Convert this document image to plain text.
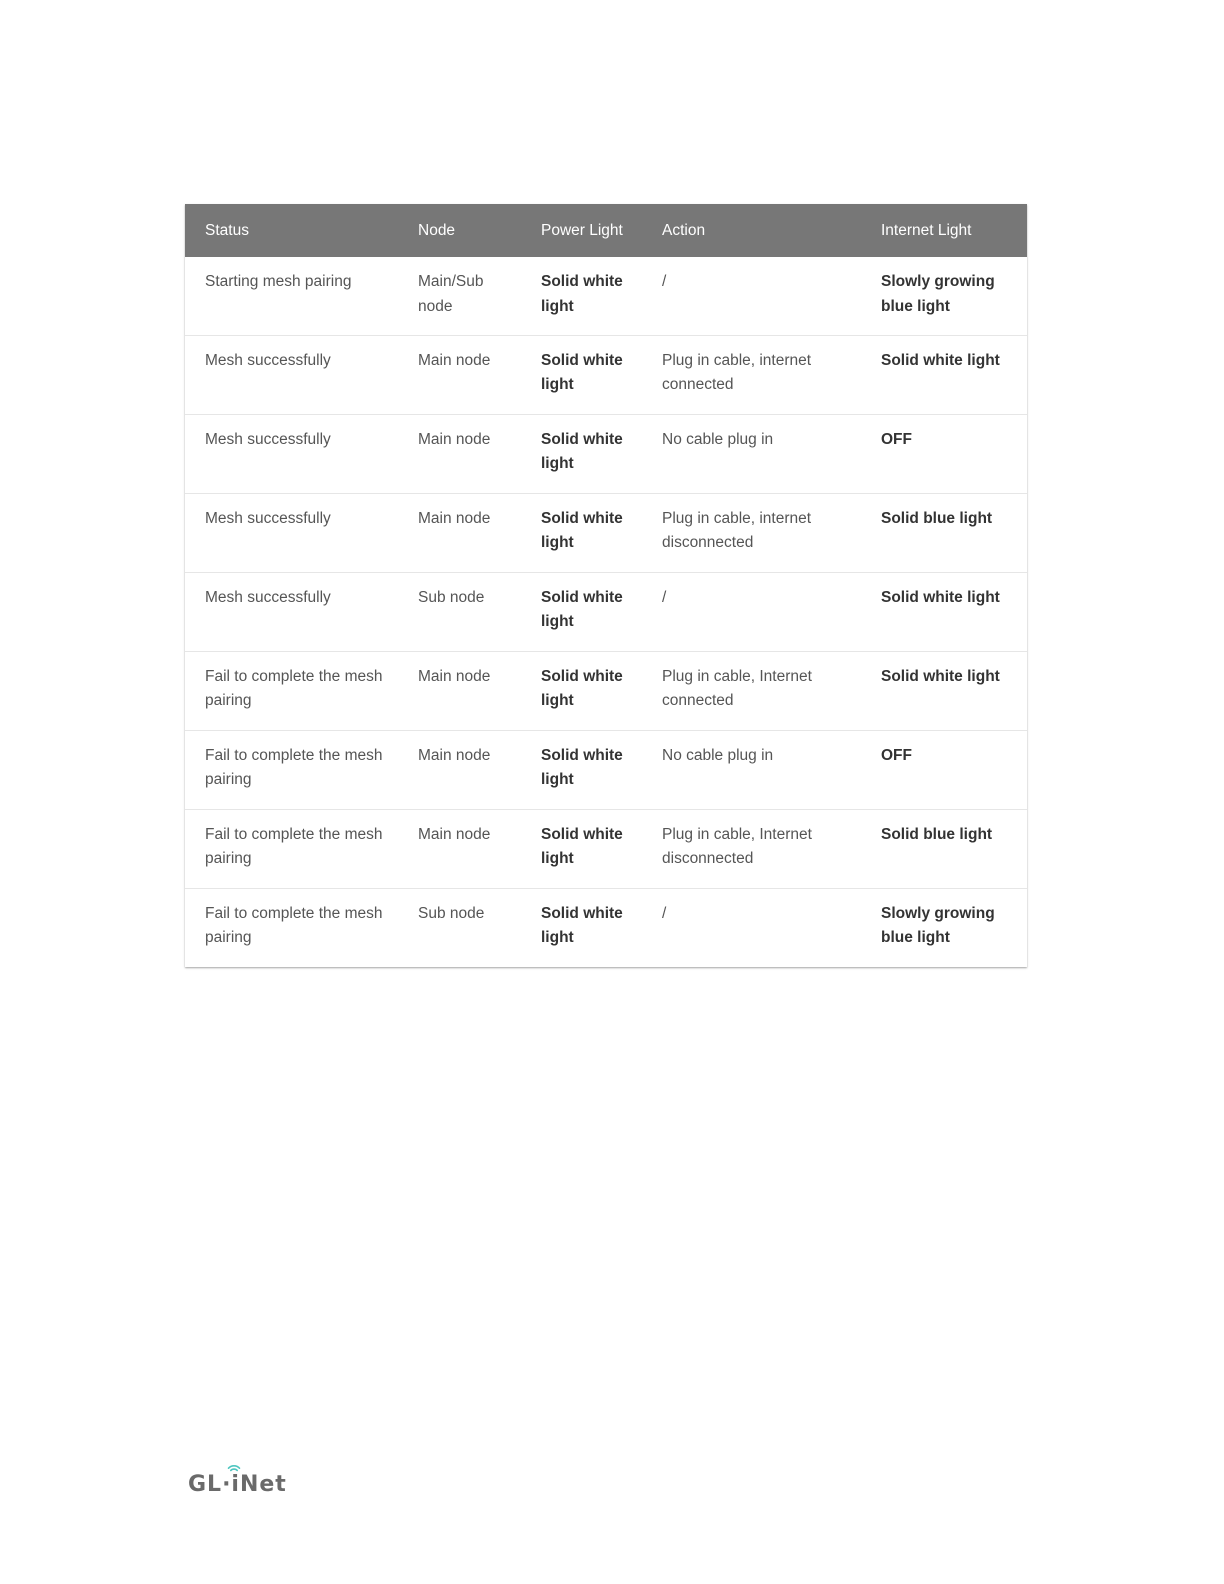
Status	Node	Power Light	Action	Internet Light
Starting mesh pairing	Main/Sub node	Solid white light	/	Slowly growing blue light
Mesh successfully	Main node	Solid white light	Plug in cable, internet connected	Solid white light
Mesh successfully	Main node	Solid white light	No cable plug in	OFF
Mesh successfully	Main node	Solid white light	Plug in cable, internet disconnected	Solid blue light
Mesh successfully	Sub node	Solid white light	/	Solid white light
Fail to complete the mesh pairing	Main node	Solid white light	Plug in cable, Internet connected	Solid white light
Fail to complete the mesh pairing	Main node	Solid white light	No cable plug in	OFF
Fail to complete the mesh pairing	Main node	Solid white light	Plug in cable, Internet disconnected	Solid blue light
Fail to complete the mesh pairing	Sub node	Solid white light	/	Slowly growing blue light
GL·iNet
